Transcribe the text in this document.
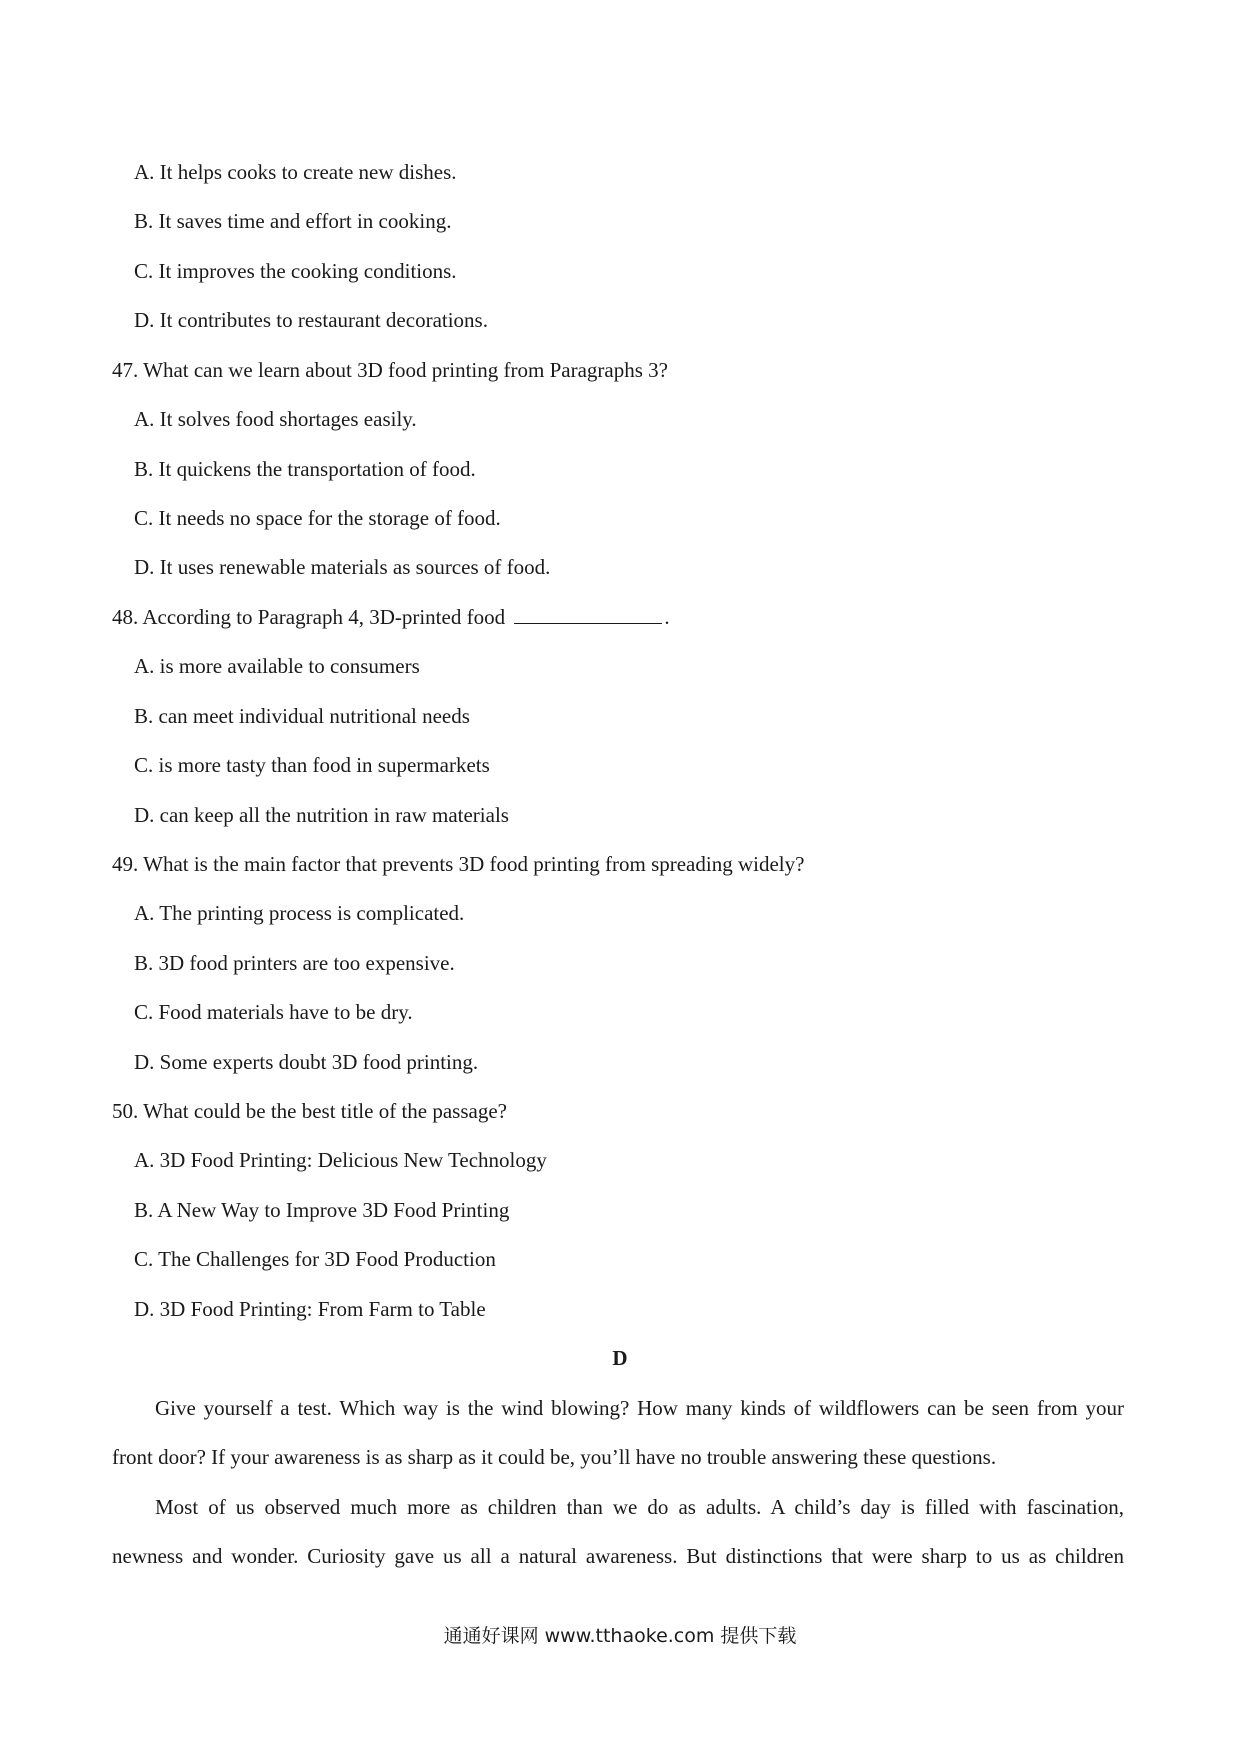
A. It helps cooks to create new dishes.
B. It saves time and effort in cooking.
C. It improves the cooking conditions.
D. It contributes to restaurant decorations.
47. What can we learn about 3D food printing from Paragraphs 3?
A. It solves food shortages easily.
B. It quickens the transportation of food.
C. It needs no space for the storage of food.
D. It uses renewable materials as sources of food.
48. According to Paragraph 4, 3D-printed food	.
A. is more available to consumers
B. can meet individual nutritional needs
C. is more tasty than food in supermarkets
D. can keep all the nutrition in raw materials
49. What is the main factor that prevents 3D food printing from spreading widely?
A. The printing process is complicated.
B. 3D food printers are too expensive.
C. Food materials have to be dry.
D. Some experts doubt 3D food printing.
50. What could be the best title of the passage?
A. 3D Food Printing: Delicious New Technology
B. A New Way to Improve 3D Food Printing
C. The Challenges for 3D Food Production
D. 3D Food Printing: From Farm to Table
D
Give yourself a test. Which way is the wind blowing? How many kinds of wildflowers can be seen from your
front door? If your awareness is as sharp as it could be, you’ll have no trouble answering these questions.
Most of us observed much more as children than we do as adults. A child’s day is filled with fascination,
newness and wonder. Curiosity gave us all a natural awareness. But distinctions that were sharp to us as children
通通好课网 www.tthaoke.com 提供下载
